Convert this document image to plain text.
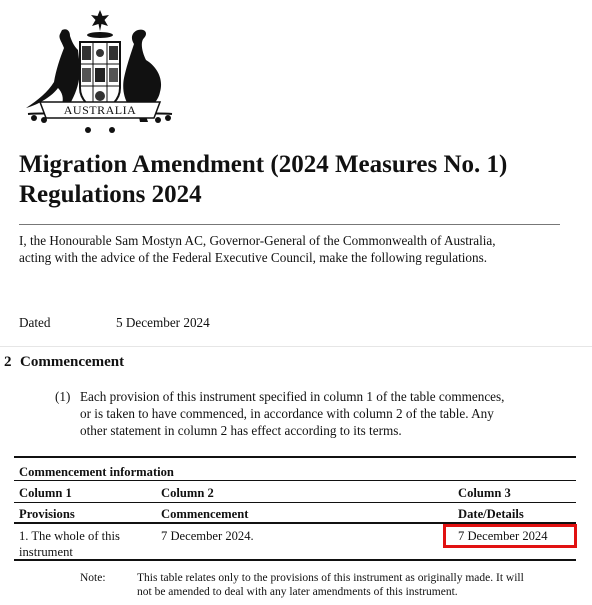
AUSTRALIA
Migration Amendment (2024 Measures No. 1)
Regulations 2024
I, the Honourable Sam Mostyn AC, Governor-General of the Commonwealth of Australia,
acting with the advice of the Federal Executive Council, make the following regulations.
Dated	5 December 2024
2 Commencement
(1) Each provision of this instrument specified in column 1 of the table commences,
or is taken to have commenced, in accordance with column 2 of the table. Any
other statement in column 2 has effect according to its terms.
Commencement information
Column 1	Column 2	Column 3
Provisions	Commencement	Date/Details
1. The whole of this
instrument
7 December 2024.	7 December 2024
Note:	This table relates only to the provisions of this instrument as originally made. It will
not be amended to deal with any later amendments of this instrument.
